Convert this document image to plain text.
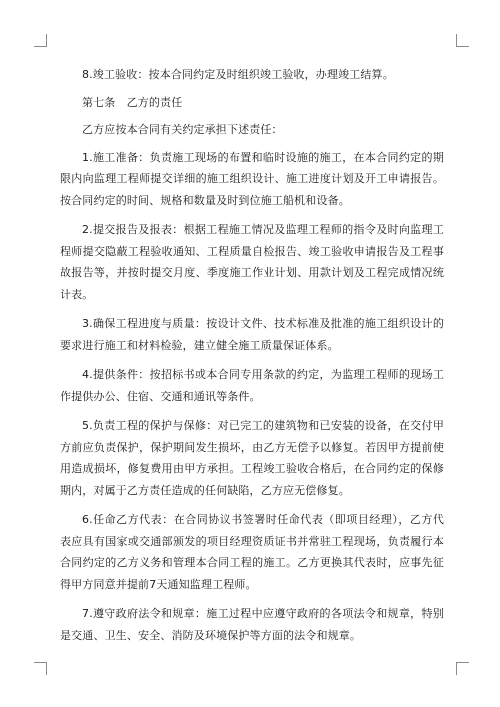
8.竣工验收：按本合同约定及时组织竣工验收，办理竣工结算。

第七条　乙方的责任

乙方应按本合同有关约定承担下述责任：

1.施工准备：负责施工现场的布置和临时设施的施工，在本合同约定的期限内向监理工程师提交详细的施工组织设计、施工进度计划及开工申请报告。按合同约定的时间、规格和数量及时到位施工船机和设备。

2.提交报告及报表：根据工程施工情况及监理工程师的指令及时向监理工程师提交隐蔽工程验收通知、工程质量自检报告、竣工验收申请报告及工程事故报告等，并按时提交月度、季度施工作业计划、用款计划及工程完成情况统计表。

3.确保工程进度与质量：按设计文件、技术标准及批准的施工组织设计的要求进行施工和材料检验，建立健全施工质量保证体系。

4.提供条件：按招标书或本合同专用条款的约定，为监理工程师的现场工作提供办公、住宿、交通和通讯等条件。

5.负责工程的保护与保修：对已完工的建筑物和已安装的设备，在交付甲方前应负责保护，保护期间发生损坏，由乙方无偿予以修复。若因甲方提前使用造成损坏，修复费用由甲方承担。工程竣工验收合格后，在合同约定的保修期内，对属于乙方责任造成的任何缺陷，乙方应无偿修复。

6.任命乙方代表：在合同协议书签署时任命代表（即项目经理），乙方代表应具有国家或交通部颁发的项目经理资质证书并常驻工程现场，负责履行本合同约定的乙方义务和管理本合同工程的施工。乙方更换其代表时，应事先征得甲方同意并提前7天通知监理工程师。

7.遵守政府法令和规章：施工过程中应遵守政府的各项法令和规章，特别是交通、卫生、安全、消防及环境保护等方面的法令和规章。
